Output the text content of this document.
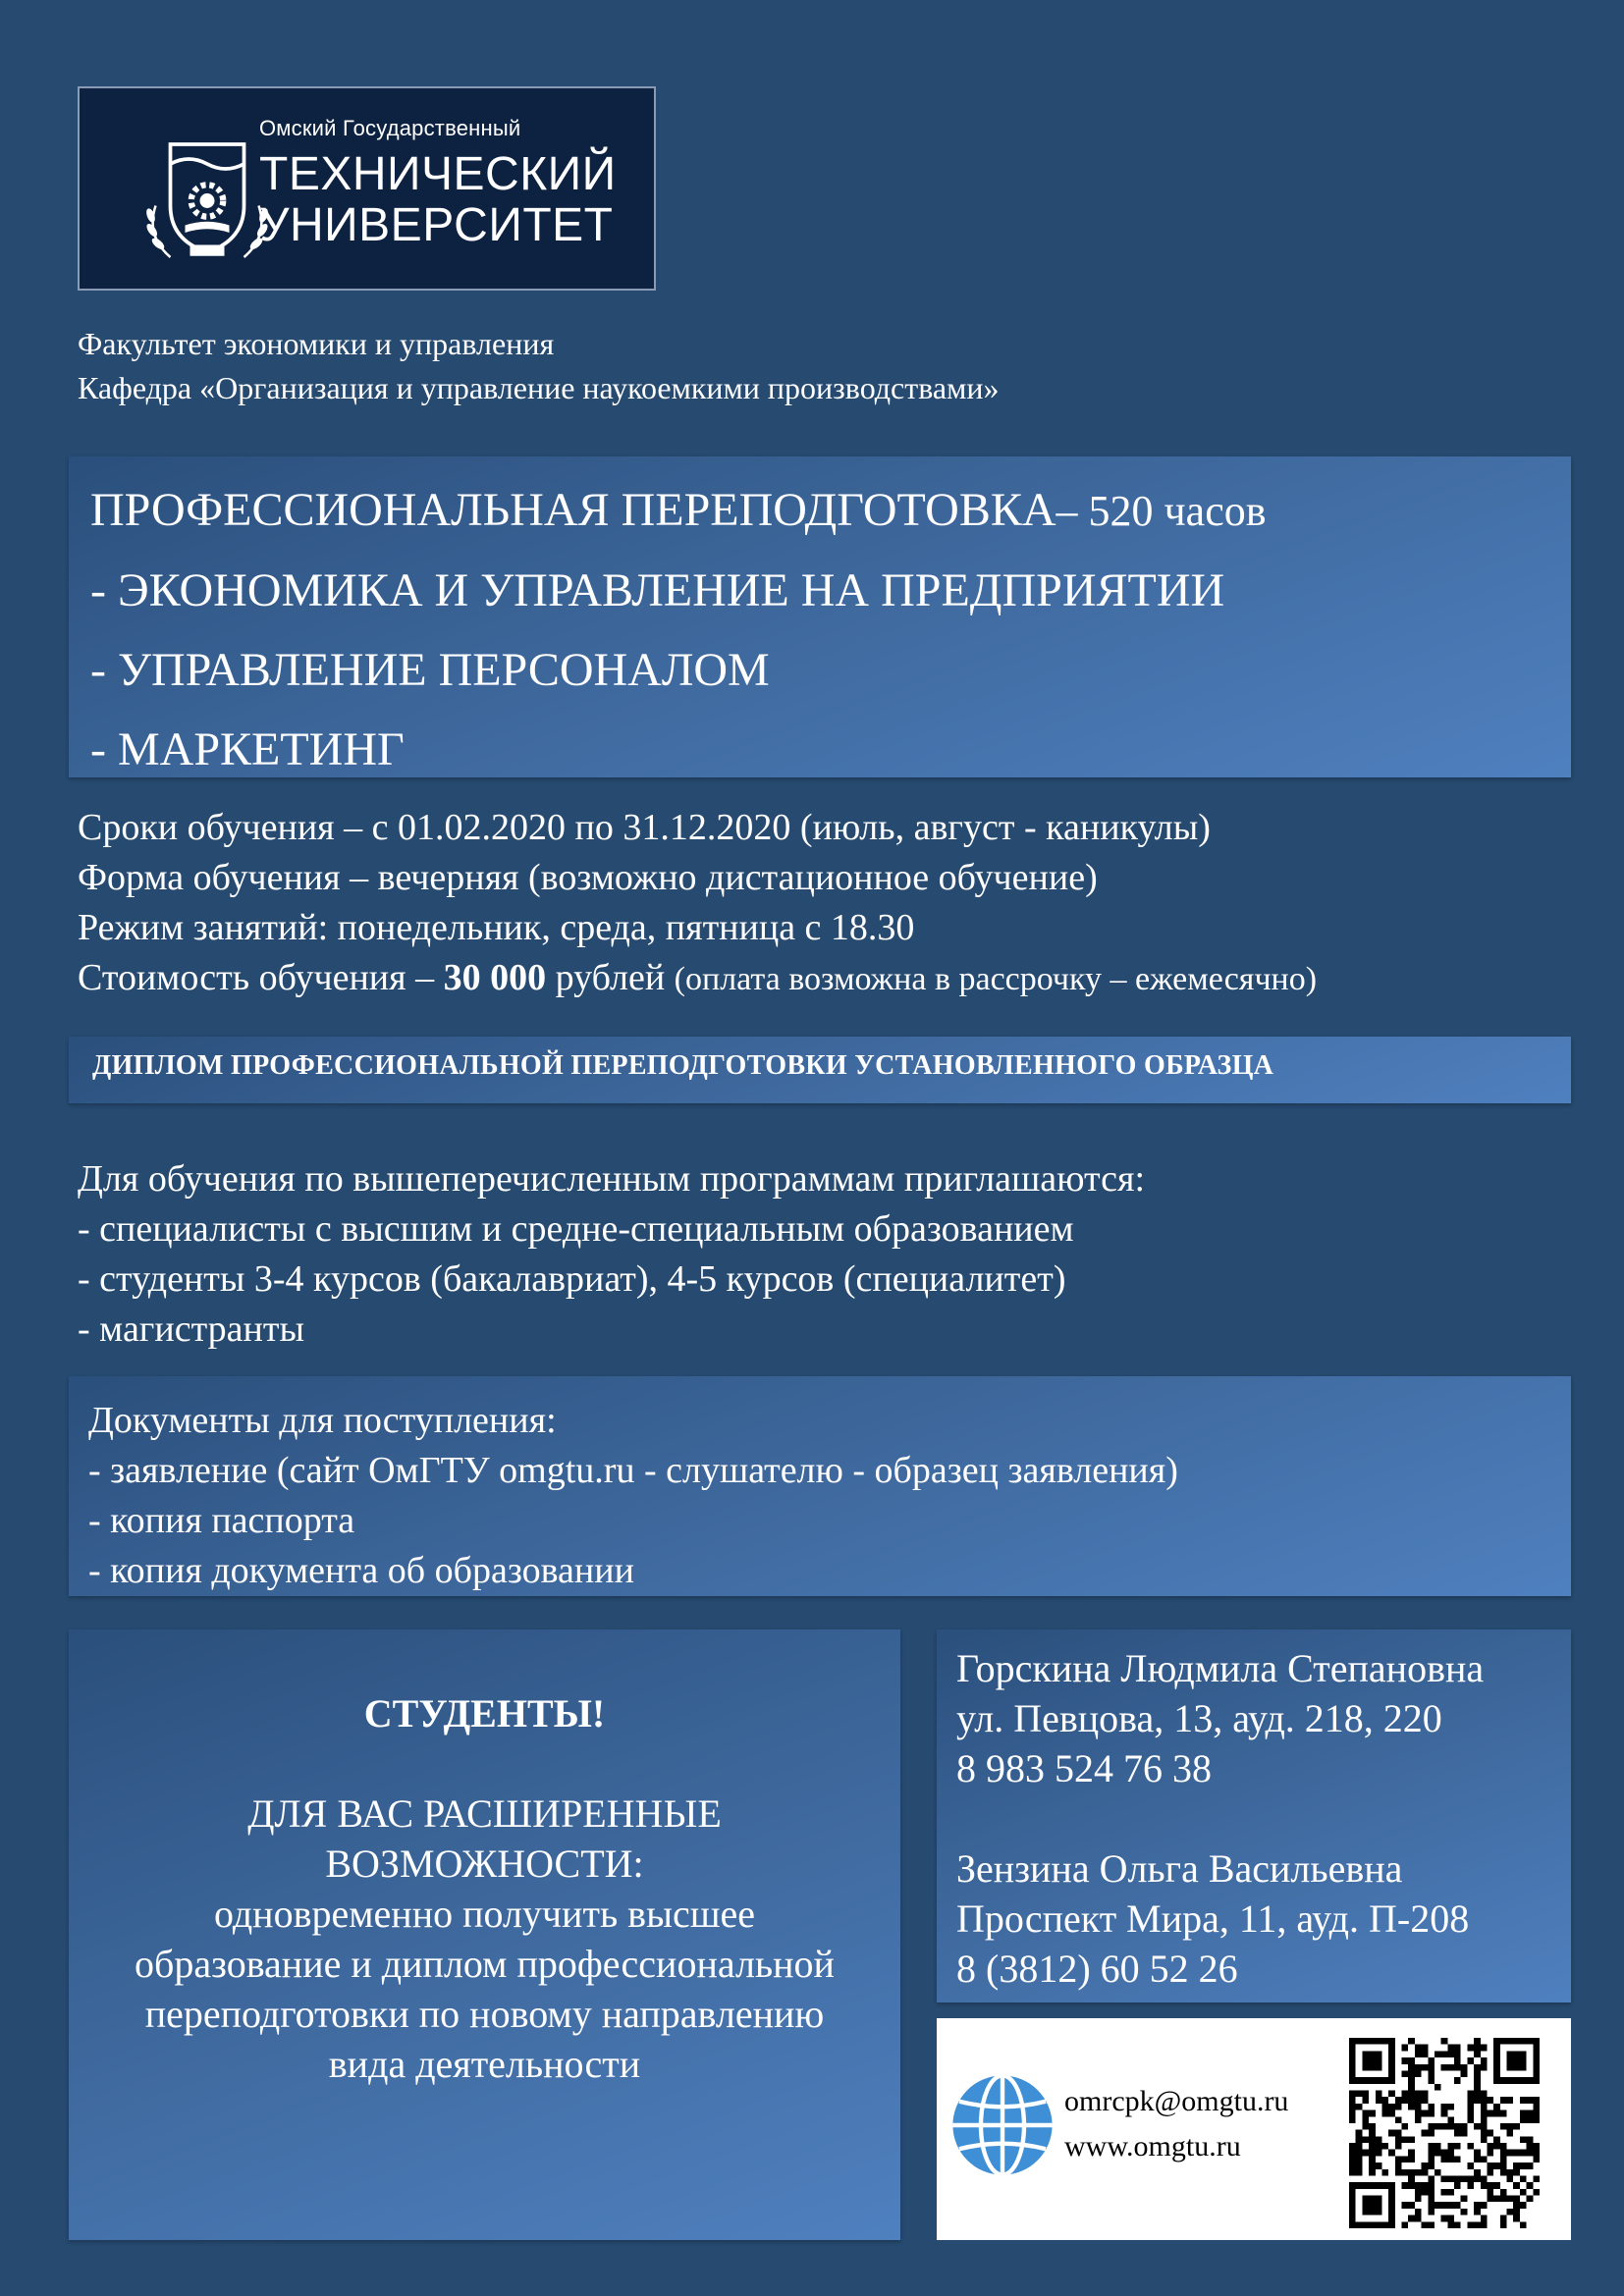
Омский Государственный
ТЕХНИЧЕСКИЙ
УНИВЕРСИТЕТ
Факультет экономики и управления
Кафедра «Организация и управление наукоемкими производствами»
ПРОФЕССИОНАЛЬНАЯ ПЕРЕПОДГОТОВКА– 520 часов
- ЭКОНОМИКА И УПРАВЛЕНИЕ НА ПРЕДПРИЯТИИ
- УПРАВЛЕНИЕ ПЕРСОНАЛОМ
- МАРКЕТИНГ
Сроки обучения – с 01.02.2020 по 31.12.2020 (июль, август - каникулы)
Форма обучения – вечерняя (возможно дистационное обучение)
Режим занятий: понедельник, среда, пятница с 18.30
Стоимость обучения – 30 000 рублей (оплата возможна в рассрочку – ежемесячно)
ДИПЛОМ ПРОФЕССИОНАЛЬНОЙ ПЕРЕПОДГОТОВКИ УСТАНОВЛЕННОГО ОБРАЗЦА
Для обучения по вышеперечисленным программам приглашаются:
- специалисты с высшим и средне-специальным образованием
- студенты 3-4 курсов (бакалавриат), 4-5 курсов (специалитет)
- магистранты
Документы для поступления:
- заявление (сайт ОмГТУ omgtu.ru - слушателю - образец заявления)
- копия паспорта
- копия документа об образовании
СТУДЕНТЫ!
ДЛЯ ВАС РАСШИРЕННЫЕ
ВОЗМОЖНОСТИ:
одновременно получить высшее
образование и диплом профессиональной
переподготовки по новому направлению
вида деятельности
Горскина Людмила Степановна
ул. Певцова, 13, ауд. 218, 220
8 983 524 76 38
Зензина Ольга Васильевна
Проспект Мира, 11, ауд. П-208
8 (3812) 60 52 26
omrcpk@omgtu.ru
www.omgtu.ru
